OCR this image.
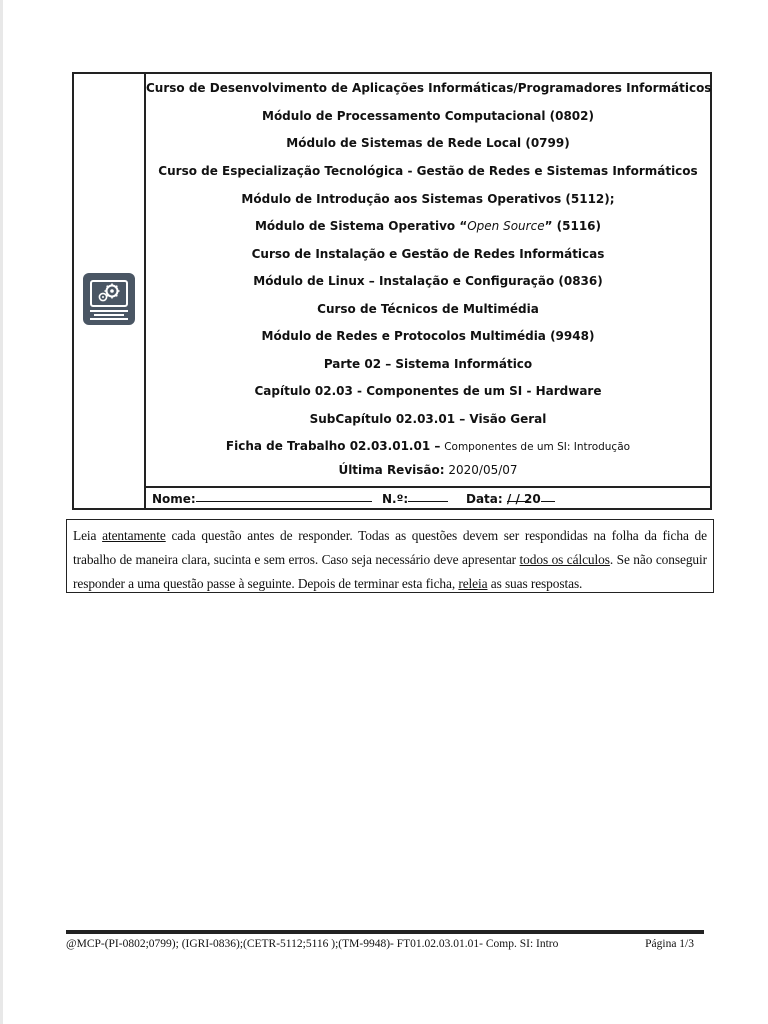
Curso de Desenvolvimento de Aplicações Informáticas/Programadores Informáticos
Módulo de Processamento Computacional (0802)
Módulo de Sistemas de Rede Local (0799)
Curso de Especialização Tecnológica - Gestão de Redes e Sistemas Informáticos
Módulo de Introdução aos Sistemas Operativos (5112);
Módulo de Sistema Operativo “Open Source” (5116)
Curso de Instalação e Gestão de Redes Informáticas
Módulo de Linux – Instalação e Configuração (0836)
Curso de Técnicos de Multimédia
Módulo de Redes e Protocolos Multimédia (9948)
Parte 02 – Sistema Informático
Capítulo 02.03 - Componentes de um SI - Hardware
SubCapítulo 02.03.01 – Visão Geral
Ficha de Trabalho 02.03.01.01 – Componentes de um SI: Introdução
Última Revisão: 2020/05/07
Nome:	N.º:	Data: / / 20
Leia atentamente cada questão antes de responder. Todas as questões devem ser respondidas na folha da ficha de trabalho de maneira clara, sucinta e sem erros. Caso seja necessário deve apresentar todos os cálculos. Se não conseguir responder a uma questão passe à seguinte. Depois de terminar esta ficha, releia as suas respostas.
@MCP-(PI-0802;0799); (IGRI-0836);(CETR-5112;5116 );(TM-9948)- FT01.02.03.01.01- Comp. SI: Intro	Página 1/3
